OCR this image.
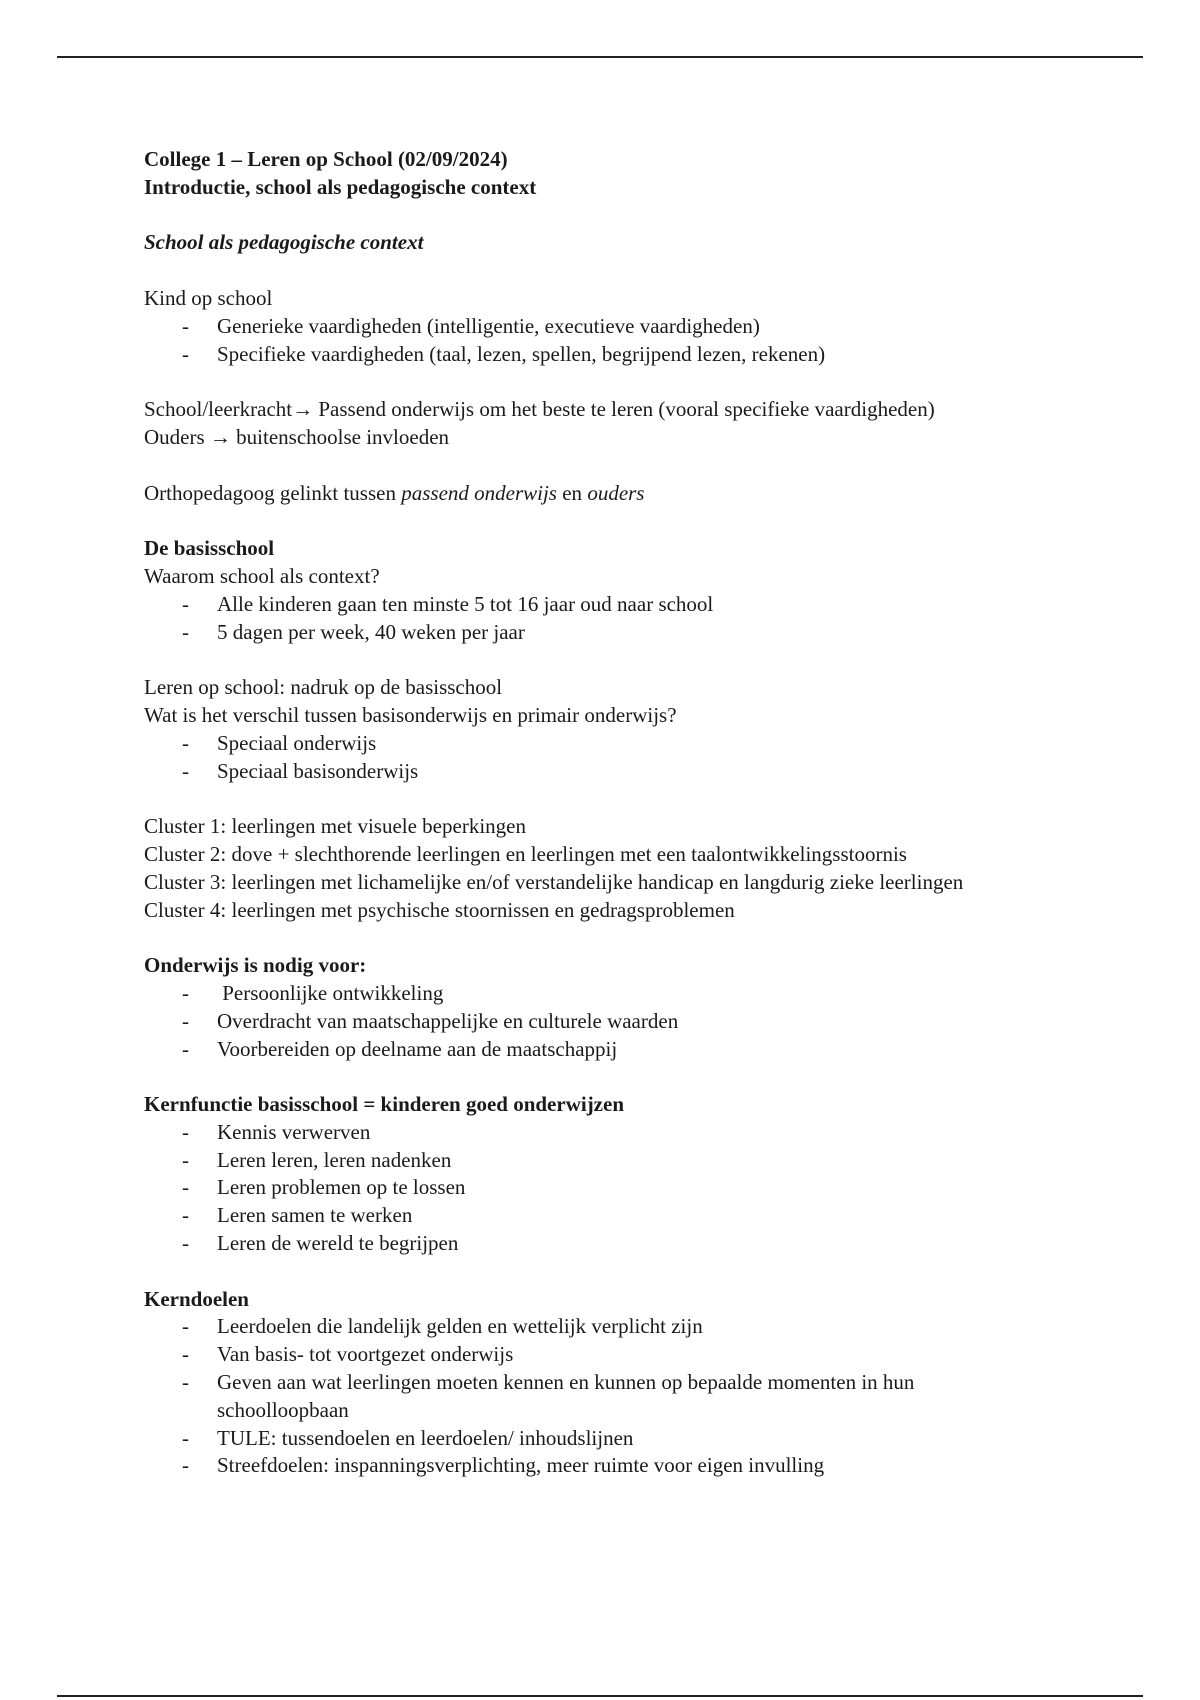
College 1 – Leren op School (02/09/2024)

Introductie, school als pedagogische context

School als pedagogische context

Kind op school

- Generieke vaardigheden (intelligentie, executieve vaardigheden)
- Specifieke vaardigheden (taal, lezen, spellen, begrijpend lezen, rekenen)

School/leerkracht→ Passend onderwijs om het beste te leren (vooral specifieke vaardigheden)

Ouders → buitenschoolse invloeden

Orthopedagoog gelinkt tussen passend onderwijs en ouders

De basisschool

Waarom school als context?

- Alle kinderen gaan ten minste 5 tot 16 jaar oud naar school
- 5 dagen per week, 40 weken per jaar

Leren op school: nadruk op de basisschool

Wat is het verschil tussen basisonderwijs en primair onderwijs?

- Speciaal onderwijs
- Speciaal basisonderwijs

Cluster 1: leerlingen met visuele beperkingen

Cluster 2: dove + slechthorende leerlingen en leerlingen met een taalontwikkelingsstoornis

Cluster 3: leerlingen met lichamelijke en/of verstandelijke handicap en langdurig zieke leerlingen

Cluster 4: leerlingen met psychische stoornissen en gedragsproblemen

Onderwijs is nodig voor:

-  Persoonlijke ontwikkeling
- Overdracht van maatschappelijke en culturele waarden
- Voorbereiden op deelname aan de maatschappij

Kernfunctie basisschool = kinderen goed onderwijzen

- Kennis verwerven
- Leren leren, leren nadenken
- Leren problemen op te lossen
- Leren samen te werken
- Leren de wereld te begrijpen

Kerndoelen

- Leerdoelen die landelijk gelden en wettelijk verplicht zijn
- Van basis- tot voortgezet onderwijs
- Geven aan wat leerlingen moeten kennen en kunnen op bepaalde momenten in hun schoolloopbaan
- TULE: tussendoelen en leerdoelen/ inhoudslijnen
- Streefdoelen: inspanningsverplichting, meer ruimte voor eigen invulling
